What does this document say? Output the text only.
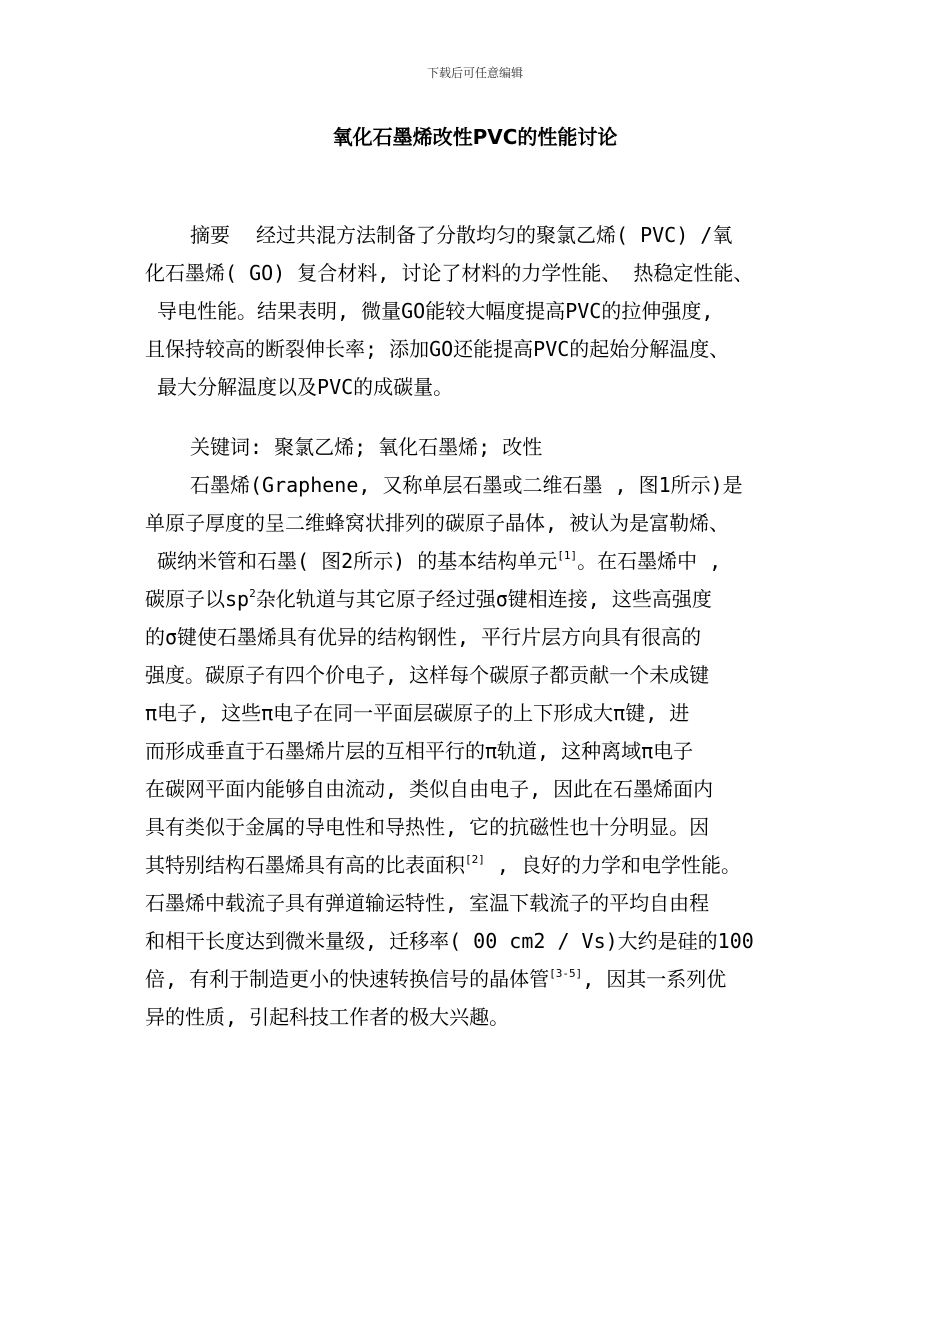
下载后可任意编辑
氧化石墨烯改性PVC的性能讨论
摘要 经过共混方法制备了分散均匀的聚氯乙烯( PVC) /氧
化石墨烯( GO) 复合材料, 讨论了材料的力学性能、 热稳定性能、
导电性能。结果表明, 微量GO能较大幅度提高PVC的拉伸强度,
且保持较高的断裂伸长率; 添加GO还能提高PVC的起始分解温度、
最大分解温度以及PVC的成碳量。
关键词: 聚氯乙烯; 氧化石墨烯; 改性
石墨烯(Graphene, 又称单层石墨或二维石墨 , 图1所示)是
单原子厚度的呈二维蜂窝状排列的碳原子晶体, 被认为是富勒烯、
碳纳米管和石墨( 图2所示) 的基本结构单元[1]。在石墨烯中 ,
碳原子以$sp^2$杂化轨道与其它原子经过强σ键相连接, 这些高强度
的σ键使石墨烯具有优异的结构钢性, 平行片层方向具有很高的
强度。碳原子有四个价电子, 这样每个碳原子都贡献一个未成键
π电子, 这些π电子在同一平面层碳原子的上下形成大π键, 进
而形成垂直于石墨烯片层的互相平行的π轨道, 这种离域π电子
在碳网平面内能够自由流动, 类似自由电子, 因此在石墨烯面内
具有类似于金属的导电性和导热性, 它的抗磁性也十分明显。因
其特别结构石墨烯具有高的比表面积[2] , 良好的力学和电学性能。
石墨烯中载流子具有弹道输运特性, 室温下载流子的平均自由程
和相干长度达到微米量级, 迁移率( 00 cm2 / Vs)大约是硅的100
倍, 有利于制造更小的快速转换信号的晶体管[3-5], 因其一系列优
异的性质, 引起科技工作者的极大兴趣。
